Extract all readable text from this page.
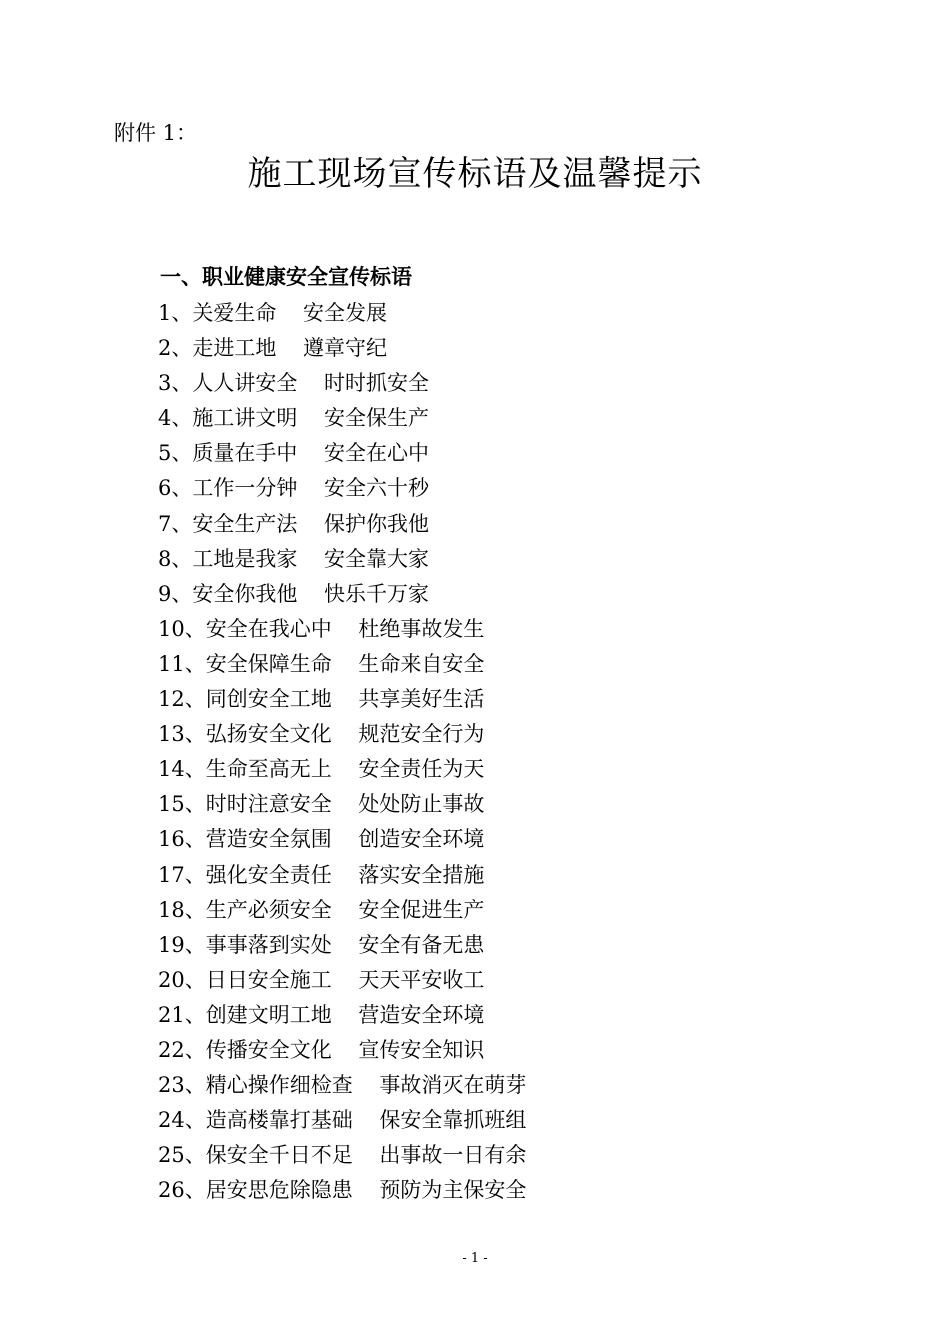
附件 1：
施工现场宣传标语及温馨提示
一、职业健康安全宣传标语
1、关爱生命    安全发展
2、走进工地    遵章守纪
3、人人讲安全    时时抓安全
4、施工讲文明    安全保生产
5、质量在手中    安全在心中
6、工作一分钟    安全六十秒
7、安全生产法    保护你我他
8、工地是我家    安全靠大家
9、安全你我他    快乐千万家
10、安全在我心中    杜绝事故发生
11、安全保障生命    生命来自安全
12、同创安全工地    共享美好生活
13、弘扬安全文化    规范安全行为
14、生命至高无上    安全责任为天
15、时时注意安全    处处防止事故
16、营造安全氛围    创造安全环境
17、强化安全责任    落实安全措施
18、生产必须安全    安全促进生产
19、事事落到实处    安全有备无患
20、日日安全施工    天天平安收工
21、创建文明工地    营造安全环境
22、传播安全文化    宣传安全知识
23、精心操作细检查    事故消灭在萌芽
24、造高楼靠打基础    保安全靠抓班组
25、保安全千日不足    出事故一日有余
26、居安思危除隐患    预防为主保安全
- 1 -
